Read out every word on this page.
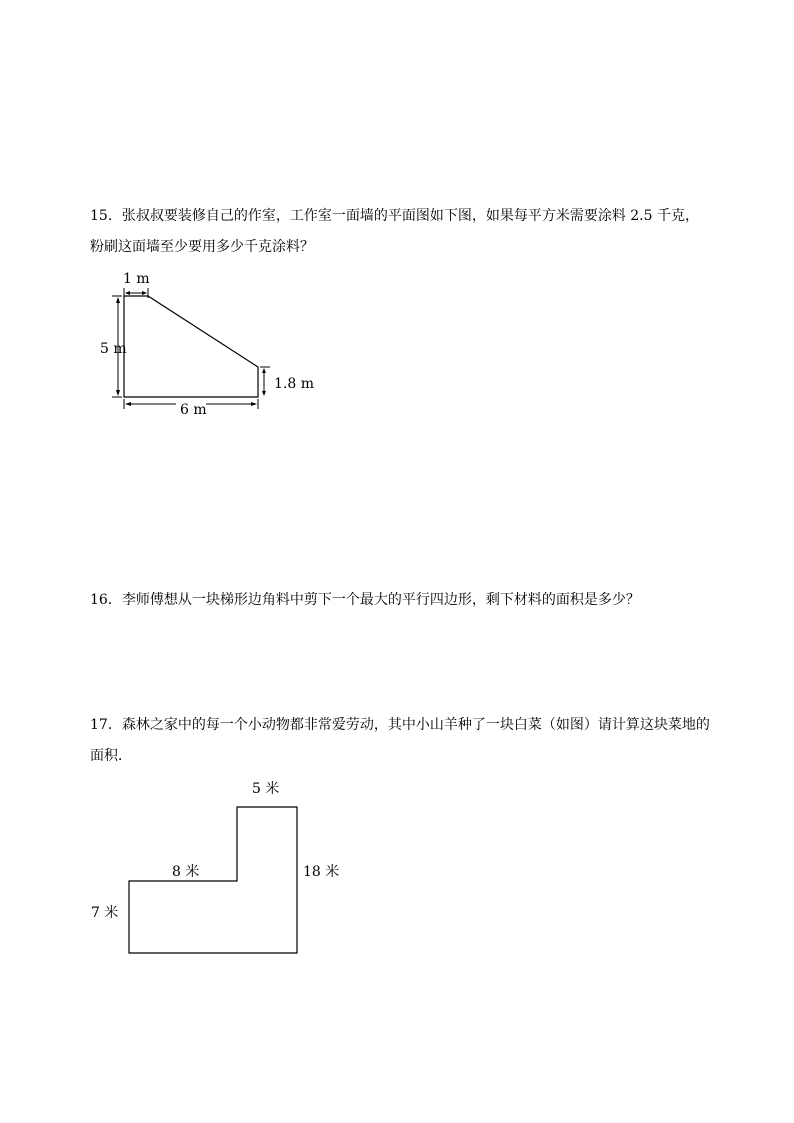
15．张叔叔要装修自己的作室，工作室一面墙的平面图如下图，如果每平方米需要涂料 2.5 千克，粉刷这面墙至少要用多少千克涂料？
1 m
5 m
1.8 m
6 m
16．李师傅想从一块梯形边角料中剪下一个最大的平行四边形，剩下材料的面积是多少？
17．森林之家中的每一个小动物都非常爱劳动，其中小山羊种了一块白菜（如图）请计算这块菜地的面积．
5 米
8 米	18 米
7 米
